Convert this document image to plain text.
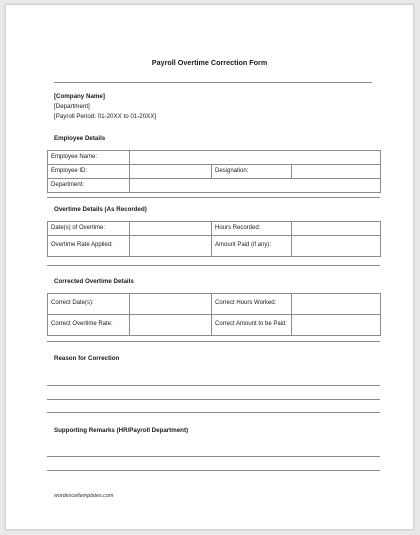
Payroll Overtime Correction Form
[Company Name]
[Department]
[Payroll Period: 01-20XX to 01-20XX]
Employee Details
Employee Name:			
Employee ID:		Designation:	
Department:			
Overtime Details (As Recorded)
Date(s) of Overtime:		Hours Recorded:	
Overtime Rate Applied:		Amount Paid (if any):	
Corrected Overtime Details
Correct Date(s):		Correct Hours Worked:	
Correct Overtime Rate:		Correct Amount to be Paid:	
Reason for Correction
Supporting Remarks (HR/Payroll Department)
wordexceltemplates.com
